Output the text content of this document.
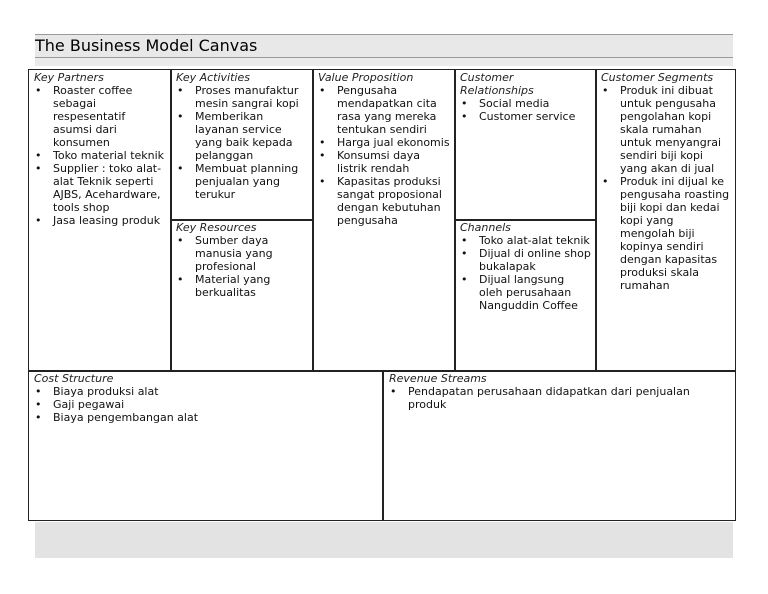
The Business Model Canvas
Key Partners
• Roaster coffee sebagai respesentatif asumsi dari konsumen
• Toko material teknik
• Supplier : toko alat-alat Teknik seperti AJBS, Acehardware, tools shop
• Jasa leasing produk
Key Activities
• Proses manufaktur mesin sangrai kopi
• Memberikan layanan service yang baik kepada pelanggan
• Membuat planning penjualan yang terukur
Key Resources
• Sumber daya manusia yang profesional
• Material yang berkualitas
Value Proposition
• Pengusaha mendapatkan cita rasa yang mereka tentukan sendiri
• Harga jual ekonomis
• Konsumsi daya listrik rendah
• Kapasitas produksi sangat proposional dengan kebutuhan pengusaha
Customer Relationships
• Social media
• Customer service
Channels
• Toko alat-alat teknik
• Dijual di online shop bukalapak
• Dijual langsung oleh perusahaan Nanguddin Coffee
Customer Segments
• Produk ini dibuat untuk pengusaha pengolahan kopi skala rumahan untuk menyangrai sendiri biji kopi yang akan di jual
• Produk ini dijual ke pengusaha roasting biji kopi dan kedai kopi yang mengolah biji kopinya sendiri dengan kapasitas produksi skala rumahan
Cost Structure
• Biaya produksi alat
• Gaji pegawai
• Biaya pengembangan alat
Revenue Streams
• Pendapatan perusahaan didapatkan dari penjualan produk
